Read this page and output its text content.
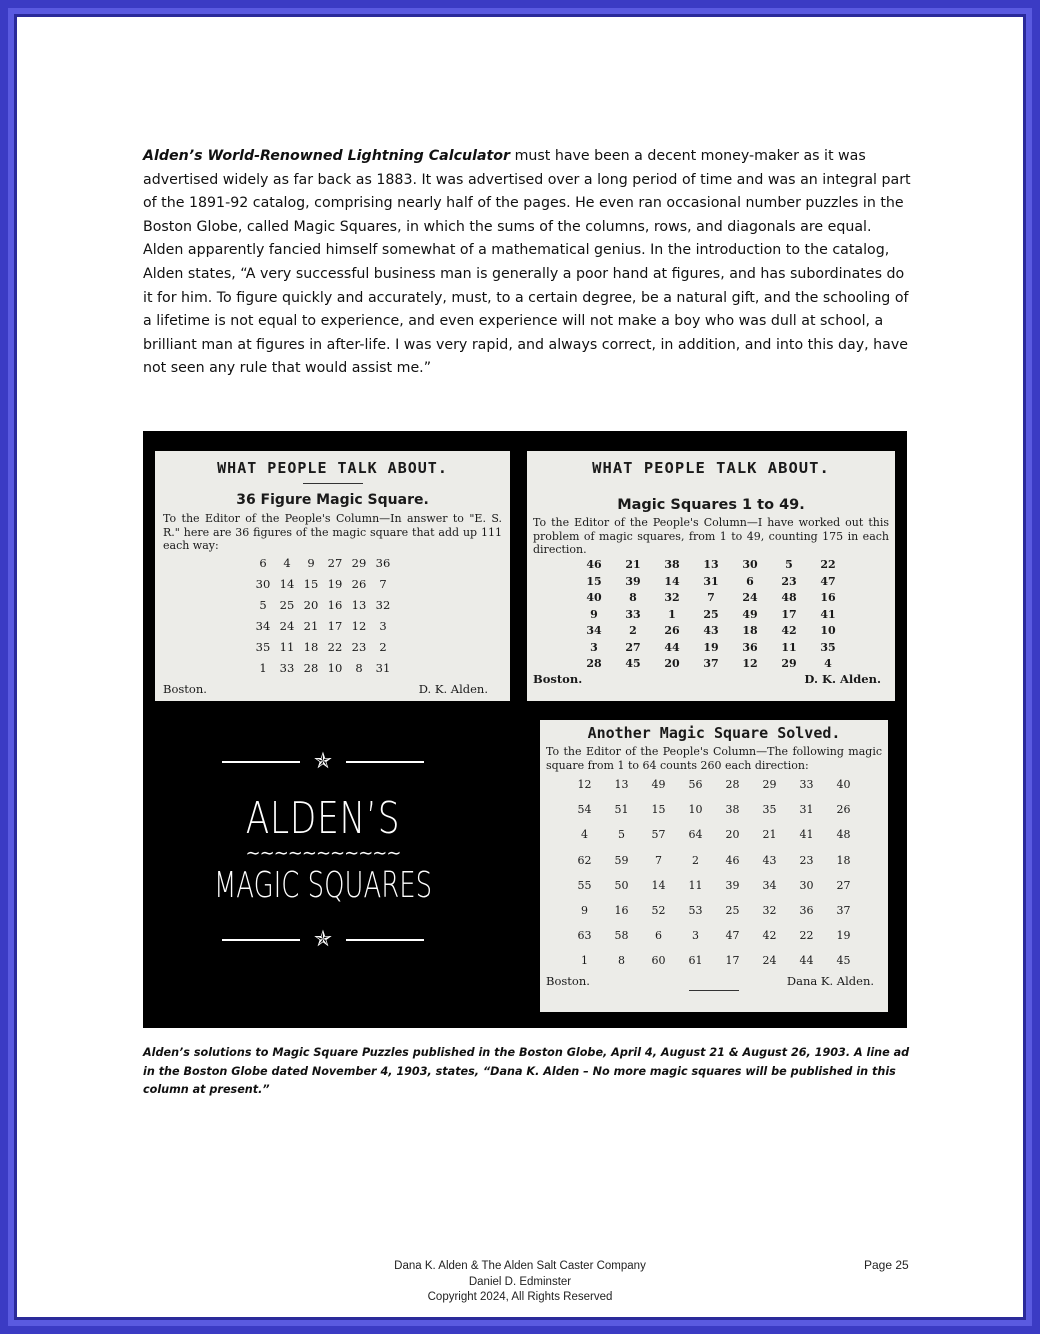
Alden’s World-Renowned Lightning Calculator must have been a decent money-maker as it was advertised widely as far back as 1883. It was advertised over a long period of time and was an integral part of the 1891-92 catalog, comprising nearly half of the pages. He even ran occasional number puzzles in the Boston Globe, called Magic Squares, in which the sums of the columns, rows, and diagonals are equal. Alden apparently fancied himself somewhat of a mathematical genius. In the introduction to the catalog, Alden states, “A very successful business man is generally a poor hand at figures, and has subordinates do it for him. To figure quickly and accurately, must, to a certain degree, be a natural gift, and the schooling of a lifetime is not equal to experience, and even experience will not make a boy who was dull at school, a brilliant man at figures in after-life. I was very rapid, and always correct, in addition, and into this day, have not seen any rule that would assist me.”

WHAT PEOPLE TALK ABOUT.
36 Figure Magic Square.
To the Editor of the People's Column—In answer to "E. S. R." here are 36 figures of the magic square that add up 111 each way:
6	4	9	27	29	36
30	14	15	19	26	7
5	25	20	16	13	32
34	24	21	17	12	3
35	11	18	22	23	2
1	33	28	10	8	31
Boston.	D. K. Alden.
WHAT PEOPLE TALK ABOUT.
Magic Squares 1 to 49.
To the Editor of the People's Column—I have worked out this problem of magic squares, from 1 to 49, counting 175 in each direction.
46	21	38	13	30	5	22
15	39	14	31	6	23	47
40	8	32	7	24	48	16
9	33	1	25	49	17	41
34	2	26	43	18	42	10
3	27	44	19	36	11	35
28	45	20	37	12	29	4
Boston.	D. K. Alden.
✯
ALDEN’S
∼∼∼∼∼∼∼∼∼∼∼
MAGIC SQUARES
✯
Another Magic Square Solved.
To the Editor of the People's Column—The following magic square from 1 to 64 counts 260 each direction:
12	13	49	56	28	29	33	40
54	51	15	10	38	35	31	26
4	5	57	64	20	21	41	48
62	59	7	2	46	43	23	18
55	50	14	11	39	34	30	27
9	16	52	53	25	32	36	37
63	58	6	3	47	42	22	19
1	8	60	61	17	24	44	45
Boston.	Dana K. Alden.

Alden’s solutions to Magic Square Puzzles published in the Boston Globe, April 4, August 21 & August 26, 1903. A line ad in the Boston Globe dated November 4, 1903, states, “Dana K. Alden – No more magic squares will be published in this column at present.”

Dana K. Alden & The Alden Salt Caster Company
Daniel D. Edminster
Copyright 2024, All Rights Reserved
Page 25
